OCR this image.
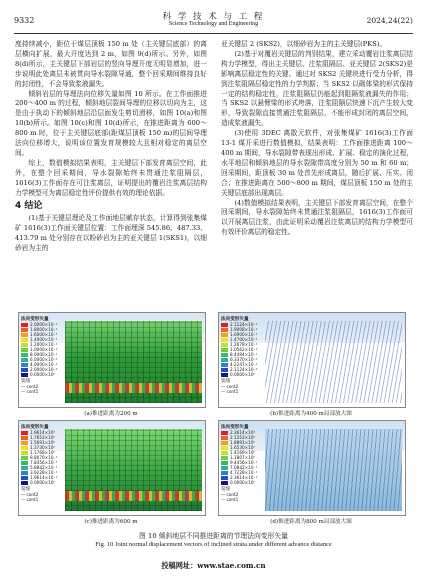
9332	科 学 技 术 与 工 程
Science Technology and Engineering	2024,24(22)

度持续减小，距位于煤层顶板 150 m 处（主关键层底部）的离层横向扩展，最大开度达到 2 m，如图 9(d)所示。另外，如图 8(d)所示，主关键层下部岩层的竖向导理开度无明显增加，进一步说明此处离层未被贯向导水裂隙导通，整个回采期间维持良好的封闭性，不会导致浆液漏失。

倾斜岩层的导理法向位移矢量如图 10 所示。在工作面推进 200～400 m 的过程，倾斜地层裂间导理的位移以切向为主，这是由于执动下的倾斜地层沿层面发生剪切滑移，如图 10(a)和图 10(b)所示。如图 10(c)和图 10(d)所示，在推进距离为 600～800 m 时，位于主关键层底部(距煤层顶板 150 m)的层间导理法向位移增大，说明该位置发育规模较大且相对稳定的离层空间。

综上，数值模拟结果表明，主关键层下部发育离层空间，此外，在整个回采期间，导水裂隙始终未贯通注浆阻隔层，1616(3)工作面存在可注浆离层，证明提出的覆岩注浆离层结构力学模型可为离层稳定性评价提供有效的理论依据。

4 结论

(1)基于关键层理论及工作面地层赋存状态，计算得到张集煤矿 1616(3)工作面关键层位置：工作面埋深 545.86、487.33、413.79 m 处分别存在以粉砂岩为主的亚关键层 1(SKS1)，以细砂岩为主的

亚关键层 2 (SKS2)，以细砂岩为主的主关键层(PKS)。

(2)基于对覆岩关键层的判别结果，建立采动覆岩注浆离层结构力学模型，得出主关键层、注浆阻隔层、亚关键层 2(SKS2)是影响离层稳定性的关键。通过对 SKS2 关键块进行受力分析，得到注浆阻隔层稳定性的力学判据；当 SKS2 以砌体梁的形式保持一定的结构稳定性，注浆阻隔层仍能起到阻隔浆液漏失的作用；当 SKS2 以悬臂梁的形式垮落，注浆阻隔层快速下沉产生较大变形，导致裂隙直接贯通注浆阻隔层，不能形成封闭的离层空间，造成浆液漏失。

(3)使用 3DEC 离散元软件，对张集煤矿 1616(3)工作面 13-1 煤开采进行数值模拟，结果表明：工作面推进距离 100～400 m 期间，导水裂隙带表现出形成、扩展、稳定的演化过程，水平地层和倾斜地层的导水裂隙带高度分别为 50 m 和 60 m；回采期间，距顶板 30 m 处首先形成离层，随后扩展、压实、闭合；在推进距离在 500～800 m 期间，煤层顶板 150 m 处的主关键层底部出现离层。

(4)数值模拟结果表明，主关键层下部发育离层空间，在整个回采期间，导水裂隙始终未贯通注浆阻隔层，1616(3)工作面可以开展离层注浆，由此证明采动覆岩注浆离层的结构力学模型可有效评价离层的稳定性。

法向变形矢量
2.0000×10⁻¹
1.8000×10⁻¹
1.6000×10⁻¹
1.4000×10⁻¹
1.2000×10⁻¹
1.0000×10⁻¹
8.0000×10⁻²
6.0000×10⁻²
4.0000×10⁻²
2.0000×10⁻²
0.0000×10⁰
裂缝
— cont2
— cont1
(a)推进距离为200 m
法向变形矢量
2.1124×10⁻¹
1.9008×10⁻¹
1.6900×10⁻¹
1.4700×10⁻¹
1.2678×10⁻¹
1.0562×10⁻¹
8.4494×10⁻²
6.3370×10⁻²
4.2247×10⁻²
2.1124×10⁻²
0.0000×10⁰
裂缝
— cont2
— cont1
(b)推进距离为400 m局部放大图
法向变形矢量
1.9614×10⁰
1.7653×10⁰
1.5691×10⁰
1.3730×10⁰
1.1768×10⁰
9.8070×10⁻¹
7.8456×10⁻¹
5.8842×10⁻¹
3.9228×10⁻¹
1.9614×10⁻¹
0.0000×10⁰
裂缝
— cont2
— cont1
(c)推进距离为600 m
法向变形矢量
2.3614×10⁰
2.1253×10⁰
1.8891×10⁰
1.6530×10⁰
1.4169×10⁰
1.1807×10⁰
9.4456×10⁻¹
7.0842×10⁻¹
4.7228×10⁻¹
2.3614×10⁻¹
0.0000×10⁰
裂缝
— cont2
— cont1
(d)推进距离为800 m局部放大图
图 10 倾斜地层不同推进距离的节理法向变形矢量
Fig. 10 Joint normal displacement vectors of inclined strata under different advance distance
投稿网址：www.stae.com.cn
